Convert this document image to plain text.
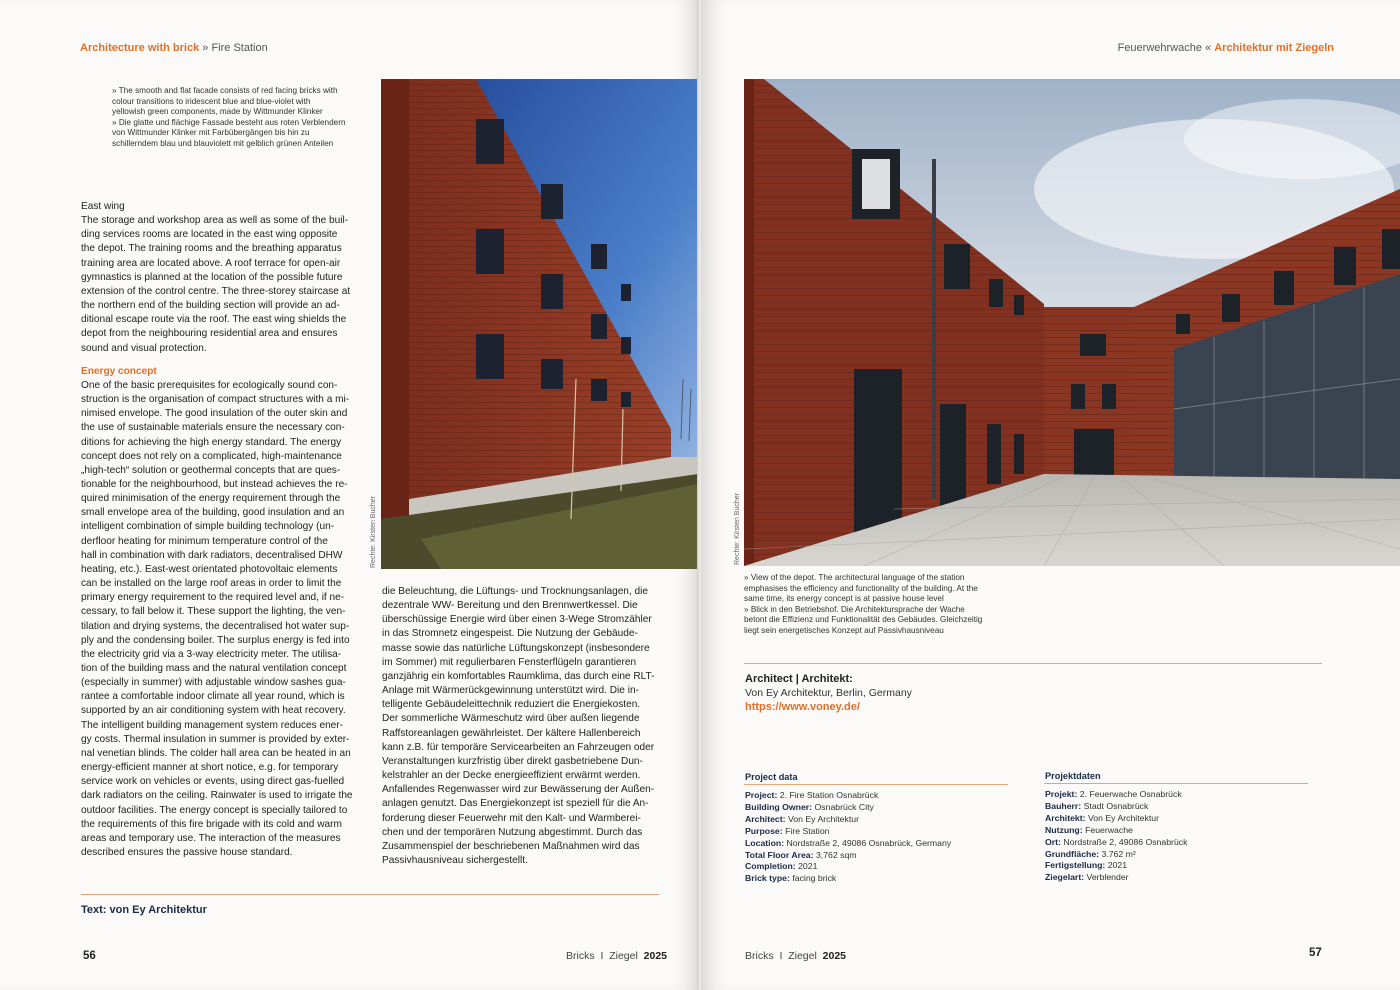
Architecture with brick » Fire Station
» The smooth and flat facade consists of red facing bricks with
colour transitions to iridescent blue and blue-violet with
yellowish green components, made by Wittmunder Klinker
» Die glatte und flächige Fassade besteht aus roten Verblendern
von Wittmunder Klinker mit Farbübergängen bis hin zu
schillerndem blau und blauviolett mit gelblich grünen Anteilen
Rechte: Kirsten Bucher
East wing
The storage and workshop area as well as some of the buil-
ding services rooms are located in the east wing opposite
the depot. The training rooms and the breathing apparatus
training area are located above. A roof terrace for open-air
gymnastics is planned at the location of the possible future
extension of the control centre. The three-storey staircase at
the northern end of the building section will provide an ad-
ditional escape route via the roof. The east wing shields the
depot from the neighbouring residential area and ensures
sound and visual protection.
Energy concept
One of the basic prerequisites for ecologically sound con-
struction is the organisation of compact structures with a mi-
nimised envelope. The good insulation of the outer skin and
the use of sustainable materials ensure the necessary con-
ditions for achieving the high energy standard. The energy
concept does not rely on a complicated, high-maintenance
„high-tech“ solution or geothermal concepts that are ques-
tionable for the neighbourhood, but instead achieves the re-
quired minimisation of the energy requirement through the
small envelope area of the building, good insulation and an
intelligent combination of simple building technology (un-
derfloor heating for minimum temperature control of the
hall in combination with dark radiators, decentralised DHW
heating, etc.). East-west orientated photovoltaic elements
can be installed on the large roof areas in order to limit the
primary energy requirement to the required level and, if ne-
cessary, to fall below it. These support the lighting, the ven-
tilation and drying systems, the decentralised hot water sup-
ply and the condensing boiler. The surplus energy is fed into
the electricity grid via a 3-way electricity meter. The utilisa-
tion of the building mass and the natural ventilation concept
(especially in summer) with adjustable window sashes gua-
rantee a comfortable indoor climate all year round, which is
supported by an air conditioning system with heat recovery.
The intelligent building management system reduces ener-
gy costs. Thermal insulation in summer is provided by exter-
nal venetian blinds. The colder hall area can be heated in an
energy-efficient manner at short notice, e.g. for temporary
service work on vehicles or events, using direct gas-fuelled
dark radiators on the ceiling. Rainwater is used to irrigate the
outdoor facilities. The energy concept is specially tailored to
the requirements of this fire brigade with its cold and warm
areas and temporary use. The interaction of the measures
described ensures the passive house standard.
die Beleuchtung, die Lüftungs- und Trocknungsanlagen, die
dezentrale WW- Bereitung und den Brennwertkessel. Die
überschüssige Energie wird über einen 3-Wege Stromzähler
in das Stromnetz eingespeist. Die Nutzung der Gebäude-
masse sowie das natürliche Lüftungskonzept (insbesondere
im Sommer) mit regulierbaren Fensterflügeln garantieren
ganzjährig ein komfortables Raumklima, das durch eine RLT-
Anlage mit Wärmerückgewinnung unterstützt wird. Die in-
telligente Gebäudeleittechnik reduziert die Energiekosten.
Der sommerliche Wärmeschutz wird über außen liegende
Raffstoreanlagen gewährleistet. Der kältere Hallenbereich
kann z.B. für temporäre Servicearbeiten an Fahrzeugen oder
Veranstaltungen kurzfristig über direkt gasbetriebene Dun-
kelstrahler an der Decke energieeffizient erwärmt werden.
Anfallendes Regenwasser wird zur Bewässerung der Außen-
anlagen genutzt. Das Energiekonzept ist speziell für die An-
forderung dieser Feuerwehr mit den Kalt- und Warmberei-
chen und der temporären Nutzung abgestimmt. Durch das
Zusammenspiel der beschriebenen Maßnahmen wird das
Passivhausniveau sichergestellt.
Text: von Ey Architektur
56	Bricks I Ziegel 2025
Feuerwehrwache « Architektur mit Ziegeln
Rechte: Kirsten Bucher
» View of the depot. The architectural language of the station
emphasises the efficiency and functionality of the building. At the
same time, its energy concept is at passive house level
» Blick in den Betriebshof. Die Architektursprache der Wache
betont die Effizienz und Funktionalität des Gebäudes. Gleichzeitig
liegt sein energetisches Konzept auf Passivhausniveau
Architect | Architekt:
Von Ey Architektur, Berlin, Germany
https://www.voney.de/
Project data
Project: 2. Fire Station Osnabrück
Building Owner: Osnabrück City
Architect: Von Ey Architektur
Purpose: Fire Station
Location: Nordstraße 2, 49086 Osnabrück, Germany
Total Floor Area: 3,762 sqm
Completion: 2021
Brick type: facing brick
Projektdaten
Projekt: 2. Feuerwache Osnabrück
Bauherr: Stadt Osnabrück
Architekt: Von Ey Architektur
Nutzung: Feuerwache
Ort: Nordstraße 2, 49086 Osnabrück
Grundfläche: 3.762 m²
Fertigstellung: 2021
Ziegelart: Verblender
Bricks I Ziegel 2025	57
